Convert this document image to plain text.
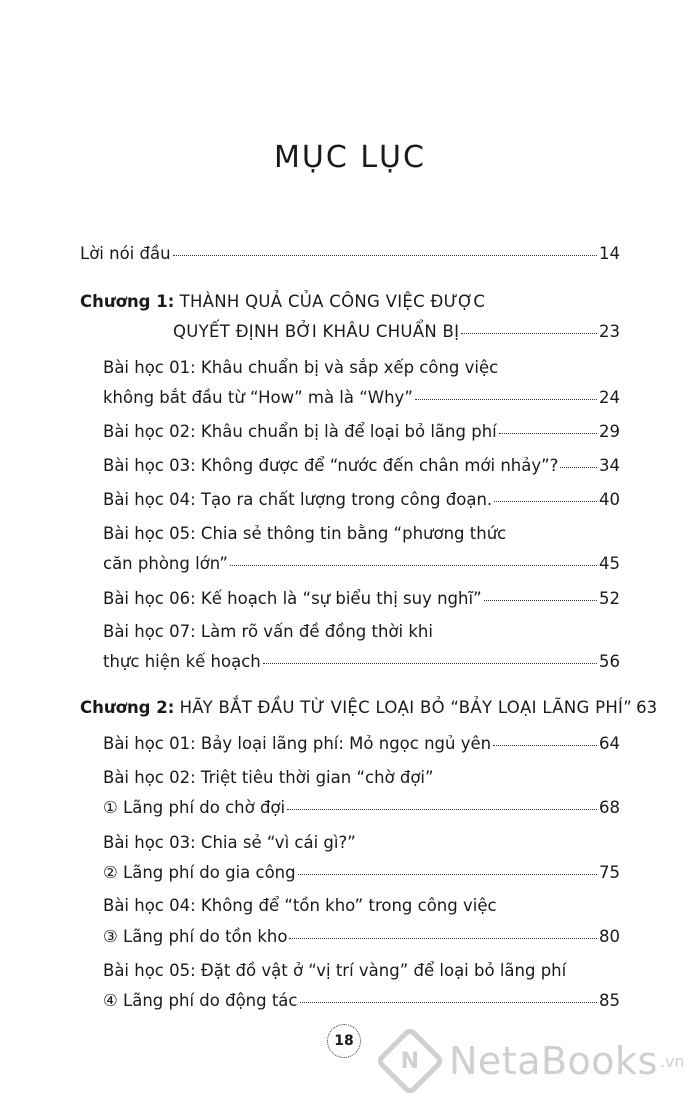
MỤC LỤC
Lời nói đầu	14
Chương 1: THÀNH QUẢ CỦA CÔNG VIỆC ĐƯỢC
QUYẾT ĐỊNH BỞI KHÂU CHUẨN BỊ	23
Bài học 01: Khâu chuẩn bị và sắp xếp công việc
không bắt đầu từ “How” mà là “Why”	24
Bài học 02: Khâu chuẩn bị là để loại bỏ lãng phí	29
Bài học 03: Không được để “nước đến chân mới nhảy”? 34
Bài học 04: Tạo ra chất lượng trong công đoạn.	40
Bài học 05: Chia sẻ thông tin bằng “phương thức
căn phòng lớn”	45
Bài học 06: Kế hoạch là “sự biểu thị suy nghĩ”	52
Bài học 07: Làm rõ vấn đề đồng thời khi
thực hiện kế hoạch	56
Chương 2: HÃY BẮT ĐẦU TỪ VIỆC LOẠI BỎ “BẢY LOẠI LÃNG PHÍ” 63
Bài học 01: Bảy loại lãng phí: Mỏ ngọc ngủ yên	64
Bài học 02: Triệt tiêu thời gian “chờ đợi”
① Lãng phí do chờ đợi	68
Bài học 03: Chia sẻ “vì cái gì?”
② Lãng phí do gia công	75
Bài học 04: Không để “tồn kho” trong công việc
③ Lãng phí do tồn kho	80
Bài học 05: Đặt đồ vật ở “vị trí vàng” để loại bỏ lãng phí
④ Lãng phí do động tác	85
18
N NetaBooks .vn
